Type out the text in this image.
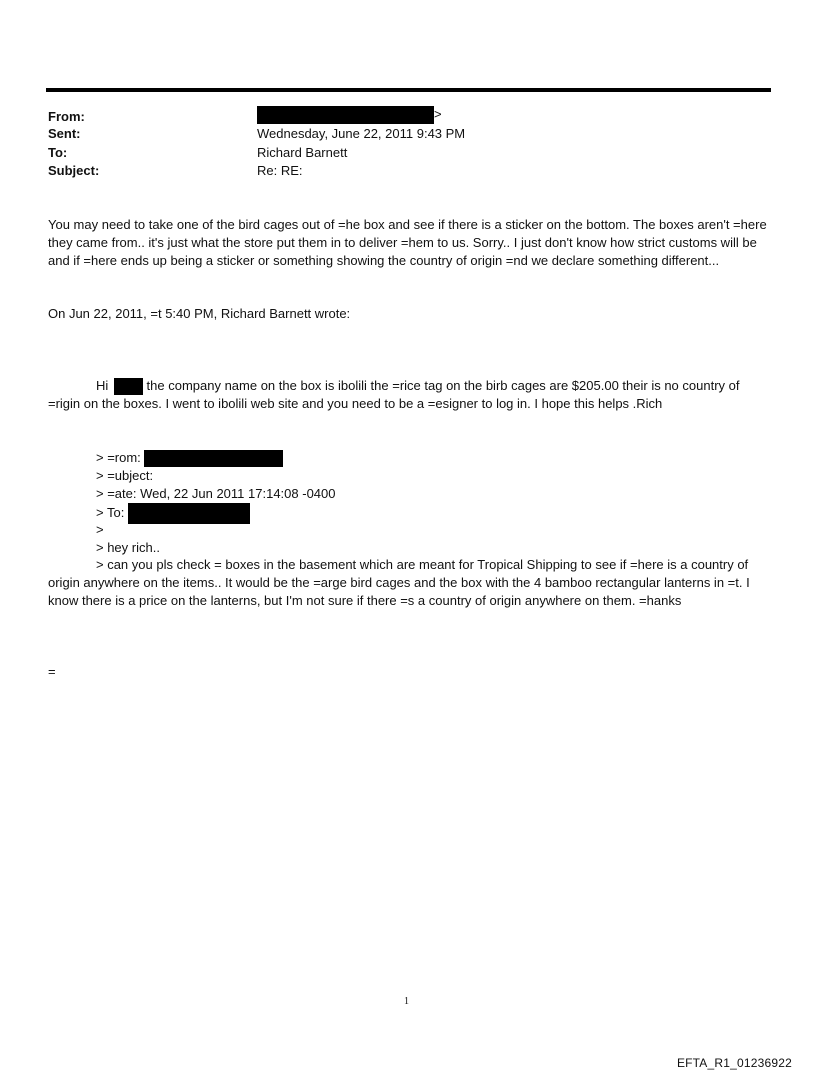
From:	>
Sent:	Wednesday, June 22, 2011 9:43 PM
To:	Richard Barnett
Subject:	Re: RE:
You may need to take one of the bird cages out of =he box and see if there is a sticker on the bottom. The boxes aren't =here they came from.. it's just what the store put them in to deliver =hem to us. Sorry.. I just don't know how strict customs will be and if =here ends up being a sticker or something showing the country of origin =nd we declare something different...
On Jun 22, 2011, =t 5:40 PM, Richard Barnett wrote:
Hi	the company name on the box is ibolili the =rice tag on the birb cages are $205.00 their is no country of =rigin on the boxes. I went to ibolili web site and you need to be a =esigner to log in. I hope this helps .Rich
> =rom:
> =ubject:
> =ate: Wed, 22 Jun 2011 17:14:08 -0400
> To:
>
> hey rich..
> can you pls check = boxes in the basement which are meant for Tropical Shipping to see if =here is a country of origin anywhere on the items.. It would be the =arge bird cages and the box with the 4 bamboo rectangular lanterns in =t. I know there is a price on the lanterns, but I'm not sure if there =s a country of origin anywhere on them. =hanks
=
1
EFTA_R1_01236922
